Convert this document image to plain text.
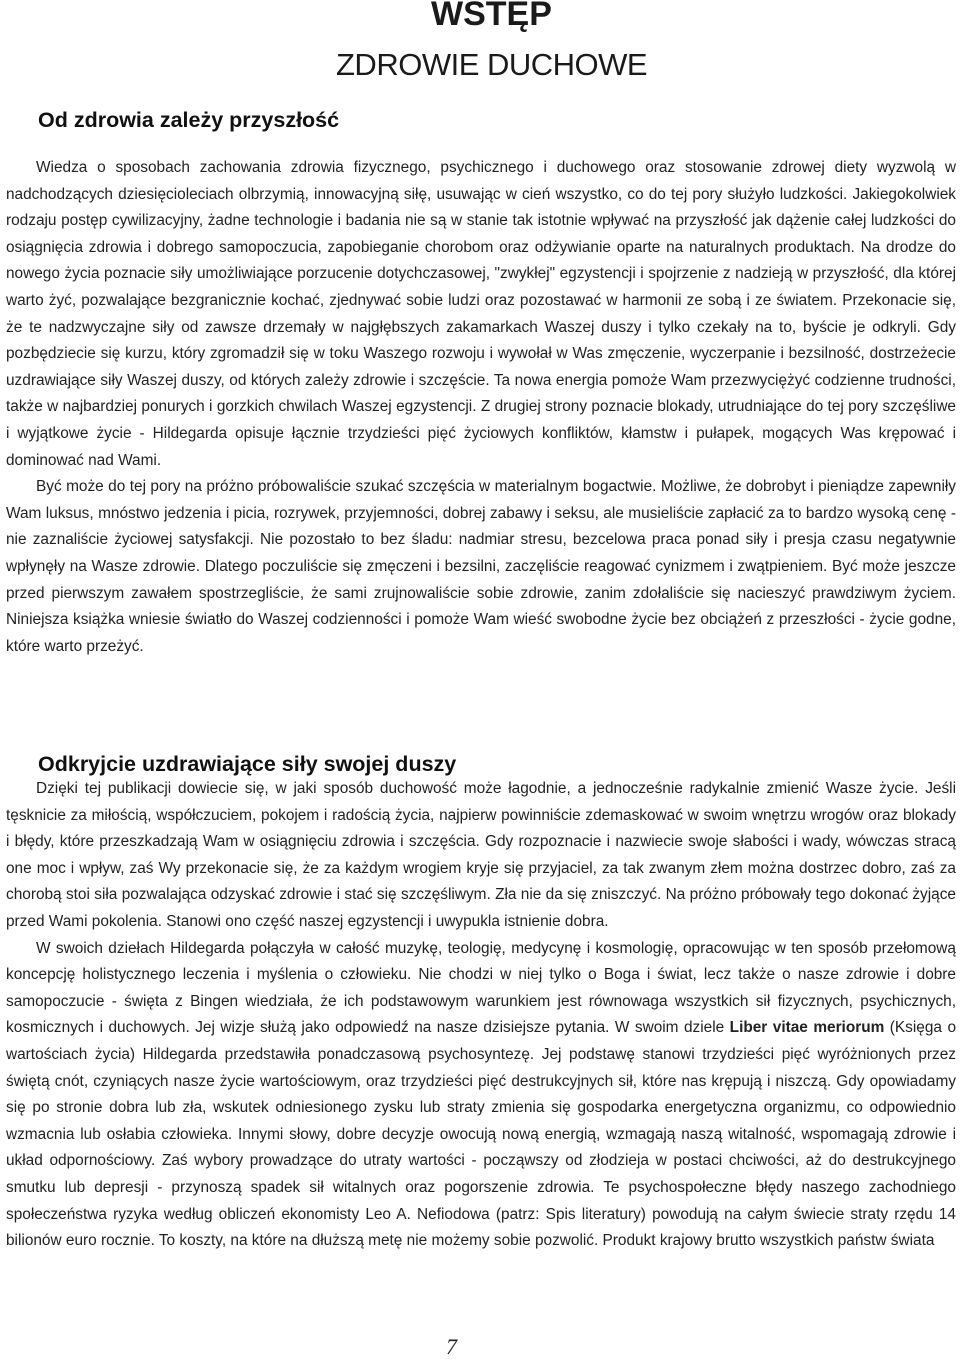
WSTĘP
ZDROWIE DUCHOWE
Od zdrowia zależy przyszłość

Wiedza o sposobach zachowania zdrowia fizycznego, psychicznego i duchowego oraz stosowanie zdrowej diety wyzwolą w nadchodzących dziesięcioleciach olbrzymią, innowacyjną siłę, usuwając w cień wszystko, co do tej pory służyło ludzkości. Jakiegokolwiek rodzaju postęp cywilizacyjny, żadne technologie i badania nie są w stanie tak istotnie wpływać na przyszłość jak dążenie całej ludzkości do osiągnięcia zdrowia i dobrego samopoczucia, zapobieganie chorobom oraz odżywianie oparte na naturalnych produktach. Na drodze do nowego życia poznacie siły umożliwiające porzucenie dotychczasowej, "zwykłej" egzystencji i spojrzenie z nadzieją w przyszłość, dla której warto żyć, pozwalające bezgranicznie kochać, zjednywać sobie ludzi oraz pozostawać w harmonii ze sobą i ze światem. Przekonacie się, że te nadzwyczajne siły od zawsze drzemały w najgłębszych zakamarkach Waszej duszy i tylko czekały na to, byście je odkryli. Gdy pozbędziecie się kurzu, który zgromadził się w toku Waszego rozwoju i wywołał w Was zmęczenie, wyczerpanie i bezsilność, dostrzeżecie uzdrawiające siły Waszej duszy, od których zależy zdrowie i szczęście. Ta nowa energia pomoże Wam przezwyciężyć codzienne trudności, także w najbardziej ponurych i gorzkich chwilach Waszej egzystencji. Z drugiej strony poznacie blokady, utrudniające do tej pory szczęśliwe i wyjątkowe życie - Hildegarda opisuje łącznie trzydzieści pięć życiowych konfliktów, kłamstw i pułapek, mogących Was krępować i dominować nad Wami.

Być może do tej pory na próżno próbowaliście szukać szczęścia w materialnym bogactwie. Możliwe, że dobrobyt i pieniądze zapewniły Wam luksus, mnóstwo jedzenia i picia, rozrywek, przyjemności, dobrej zabawy i seksu, ale musieliście zapłacić za to bardzo wysoką cenę - nie zaznaliście życiowej satysfakcji. Nie pozostało to bez śladu: nadmiar stresu, bezcelowa praca ponad siły i presja czasu negatywnie wpłynęły na Wasze zdrowie. Dlatego poczuliście się zmęczeni i bezsilni, zaczęliście reagować cynizmem i zwątpieniem. Być może jeszcze przed pierwszym zawałem spostrzegliście, że sami zrujnowaliście sobie zdrowie, zanim zdołaliście się nacieszyć prawdziwym życiem. Niniejsza książka wniesie światło do Waszej codzienności i pomoże Wam wieść swobodne życie bez obciążeń z przeszłości - życie godne, które warto przeżyć.

Odkryjcie uzdrawiające siły swojej duszy

Dzięki tej publikacji dowiecie się, w jaki sposób duchowość może łagodnie, a jednocześnie radykalnie zmienić Wasze życie. Jeśli tęsknicie za miłością, współczuciem, pokojem i radością życia, najpierw powinniście zdemaskować w swoim wnętrzu wrogów oraz blokady i błędy, które przeszkadzają Wam w osiągnięciu zdrowia i szczęścia. Gdy rozpoznacie i nazwiecie swoje słabości i wady, wówczas stracą one moc i wpływ, zaś Wy przekonacie się, że za każdym wrogiem kryje się przyjaciel, za tak zwanym złem można dostrzec dobro, zaś za chorobą stoi siła pozwalająca odzyskać zdrowie i stać się szczęśliwym. Zła nie da się zniszczyć. Na próżno próbowały tego dokonać żyjące przed Wami pokolenia. Stanowi ono część naszej egzystencji i uwypukla istnienie dobra.

W swoich dziełach Hildegarda połączyła w całość muzykę, teologię, medycynę i kosmologię, opracowując w ten sposób przełomową koncepcję holistycznego leczenia i myślenia o człowieku. Nie chodzi w niej tylko o Boga i świat, lecz także o nasze zdrowie i dobre samopoczucie - święta z Bingen wiedziała, że ich podstawowym warunkiem jest równowaga wszystkich sił fizycznych, psychicznych, kosmicznych i duchowych. Jej wizje służą jako odpowiedź na nasze dzisiejsze pytania. W swoim dziele Liber vitae meriorum (Księga o wartościach życia) Hildegarda przedstawiła ponadczasową psychosyntezę. Jej podstawę stanowi trzydzieści pięć wyróżnionych przez świętą cnót, czyniących nasze życie wartościowym, oraz trzydzieści pięć destrukcyjnych sił, które nas krępują i niszczą. Gdy opowiadamy się po stronie dobra lub zła, wskutek odniesionego zysku lub straty zmienia się gospodarka energetyczna organizmu, co odpowiednio wzmacnia lub osłabia człowieka. Innymi słowy, dobre decyzje owocują nową energią, wzmagają naszą witalność, wspomagają zdrowie i układ odpornościowy. Zaś wybory prowadzące do utraty wartości - począwszy od złodzieja w postaci chciwości, aż do destrukcyjnego smutku lub depresji - przynoszą spadek sił witalnych oraz pogorszenie zdrowia. Te psychospołeczne błędy naszego zachodniego społeczeństwa ryzyka według obliczeń ekonomisty Leo A. Nefiodowa (patrz: Spis literatury) powodują na całym świecie straty rzędu 14 bilionów euro rocznie. To koszty, na które na dłuższą metę nie możemy sobie pozwolić. Produkt krajowy brutto wszystkich państw świata

7
